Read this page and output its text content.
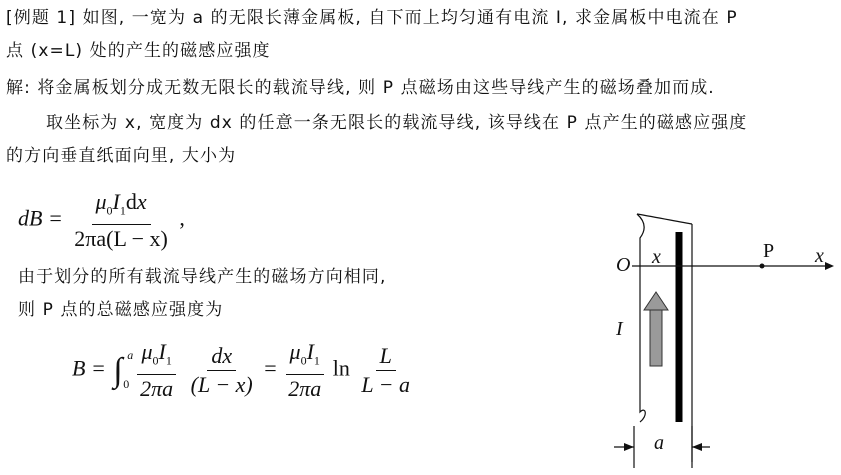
[例题 1] 如图, 一宽为 a 的无限长薄金属板, 自下而上均匀通有电流 I, 求金属板中电流在 P
点 (x=L) 处的产生的磁感应强度
解: 将金属板划分成无数无限长的载流导线, 则 P 点磁场由这些导线产生的磁场叠加而成.
取坐标为 x, 宽度为 dx 的任意一条无限长的载流导线, 该导线在 P 点产生的磁感应强度
的方向垂直纸面向里, 大小为
dB = $\frac{\mu_0I_1dx}{2\pi a(L - x)}$ ,
由于划分的所有载流导线产生的磁场方向相同,
则 P 点的总磁感应强度为
B = ∫ a
0
$\frac{\mu_0I_1}{2\pi a}$
$\frac{dx}{(L - x)} = \frac{\mu_0I_1}{2\pi a}$ $\ln \frac{L}{L - a}$
O x	P x
I
a
